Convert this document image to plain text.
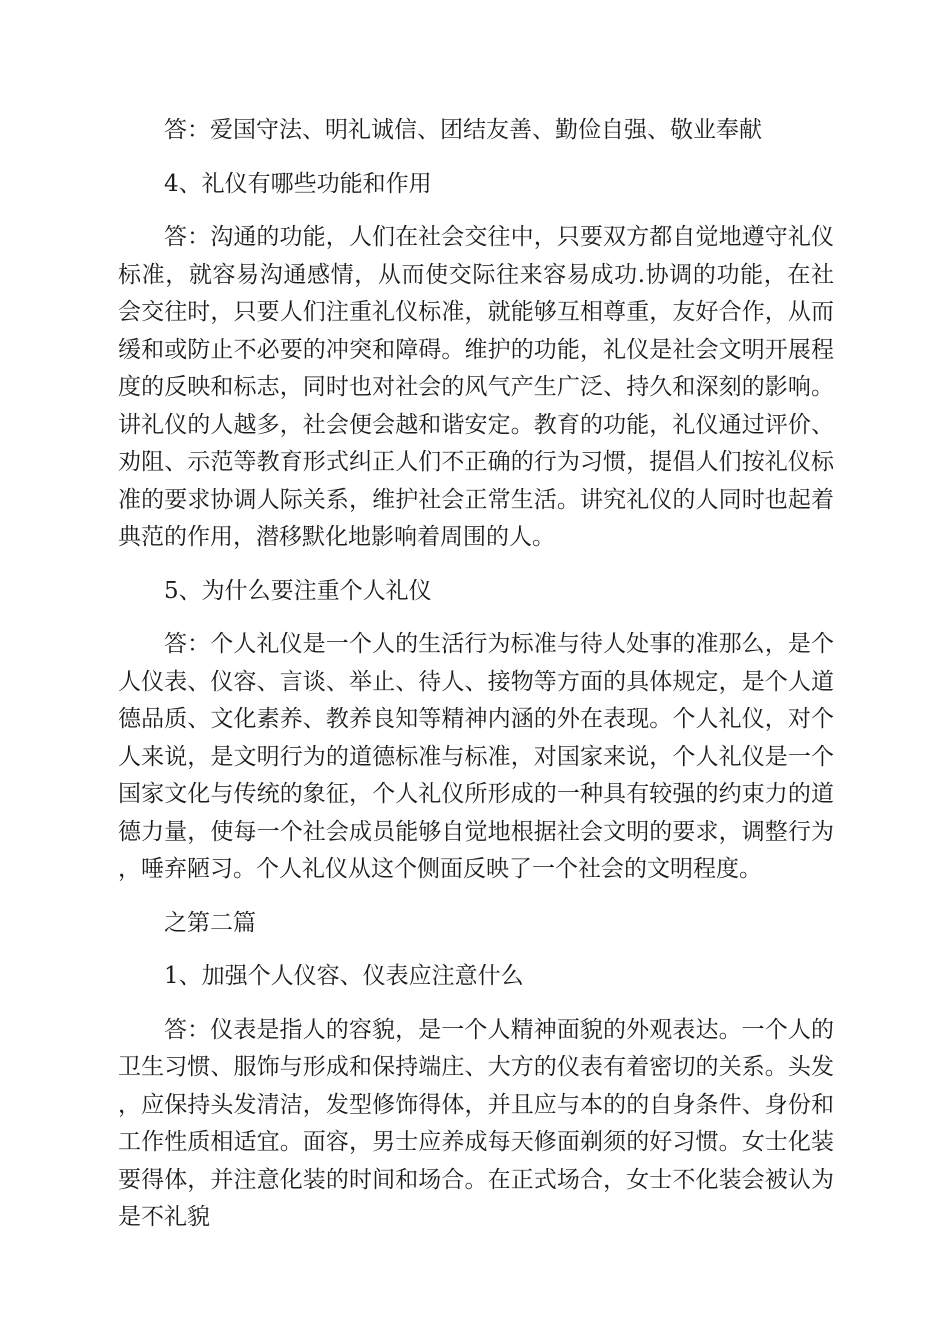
答：爱国守法、明礼诚信、团结友善、勤俭自强、敬业奉献

4、礼仪有哪些功能和作用

答：沟通的功能，人们在社会交往中，只要双方都自觉地遵守礼仪标准，就容易沟通感情，从而使交际往来容易成功.协调的功能，在社会交往时，只要人们注重礼仪标准，就能够互相尊重，友好合作，从而缓和或防止不必要的冲突和障碍。维护的功能，礼仪是社会文明开展程度的反映和标志，同时也对社会的风气产生广泛、持久和深刻的影响。讲礼仪的人越多，社会便会越和谐安定。教育的功能，礼仪通过评价、劝阻、示范等教育形式纠正人们不正确的行为习惯，提倡人们按礼仪标准的要求协调人际关系，维护社会正常生活。讲究礼仪的人同时也起着典范的作用，潜移默化地影响着周围的人。

5、为什么要注重个人礼仪

答：个人礼仪是一个人的生活行为标准与待人处事的准那么，是个人仪表、仪容、言谈、举止、待人、接物等方面的具体规定，是个人道德品质、文化素养、教养良知等精神内涵的外在表现。个人礼仪，对个人来说，是文明行为的道德标准与标准，对国家来说，个人礼仪是一个国家文化与传统的象征，个人礼仪所形成的一种具有较强的约束力的道德力量，使每一个社会成员能够自觉地根据社会文明的要求，调整行为，唾弃陋习。个人礼仪从这个侧面反映了一个社会的文明程度。

之第二篇

1、加强个人仪容、仪表应注意什么

答：仪表是指人的容貌，是一个人精神面貌的外观表达。一个人的卫生习惯、服饰与形成和保持端庄、大方的仪表有着密切的关系。头发，应保持头发清洁，发型修饰得体，并且应与本的的自身条件、身份和工作性质相适宜。面容，男士应养成每天修面剃须的好习惯。女士化装要得体，并注意化装的时间和场合。在正式场合，女士不化装会被认为是不礼貌
